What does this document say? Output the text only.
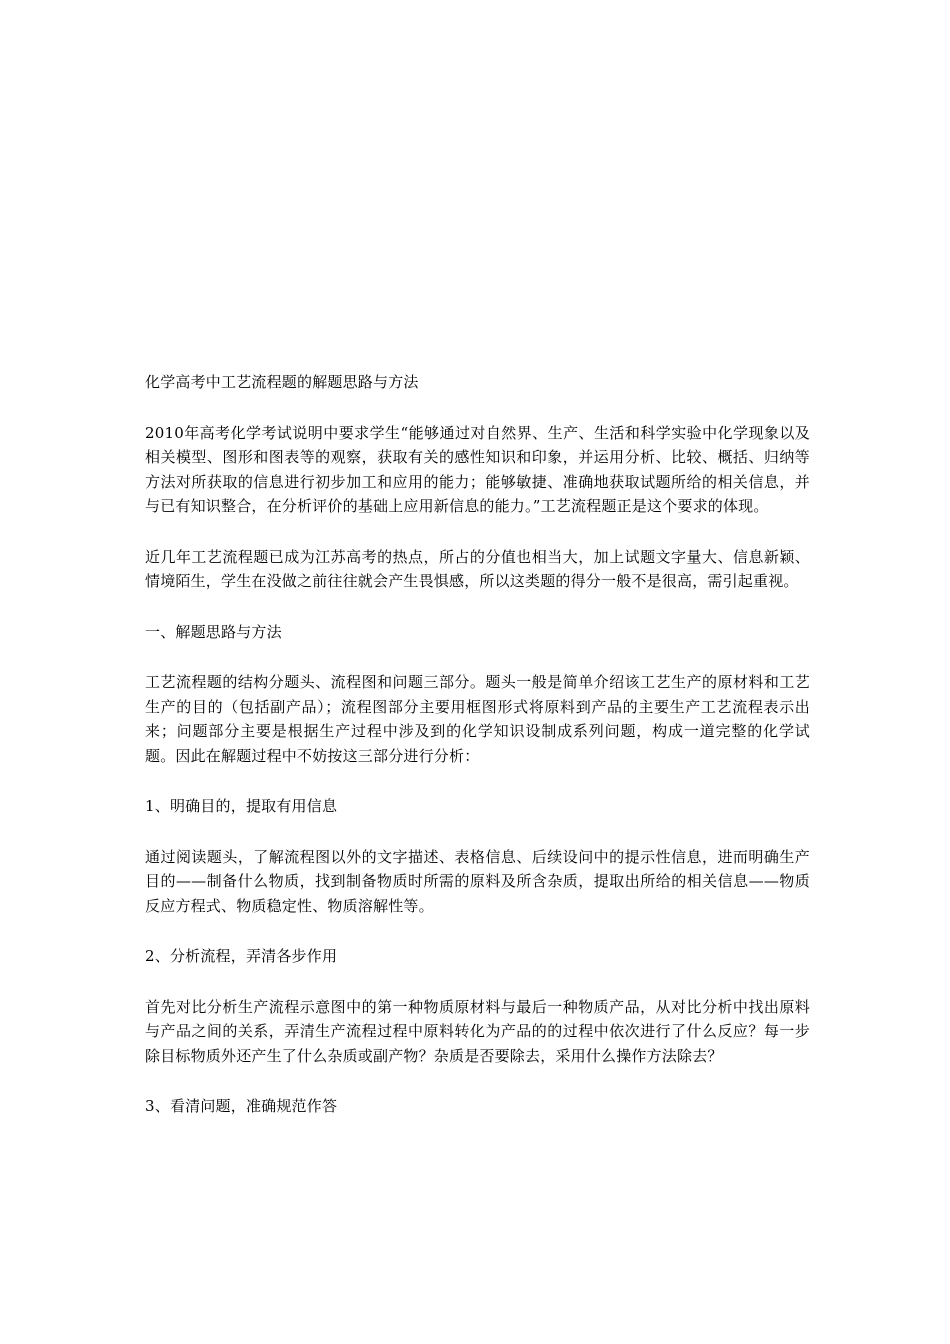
化学高考中工艺流程题的解题思路与方法

2010年高考化学考试说明中要求学生“能够通过对自然界、生产、生活和科学实验中化学现象以及相关模型、图形和图表等的观察，获取有关的感性知识和印象，并运用分析、比较、概括、归纳等方法对所获取的信息进行初步加工和应用的能力；能够敏捷、准确地获取试题所给的相关信息，并与已有知识整合，在分析评价的基础上应用新信息的能力。”工艺流程题正是这个要求的体现。

近几年工艺流程题已成为江苏高考的热点，所占的分值也相当大，加上试题文字量大、信息新颖、情境陌生，学生在没做之前往往就会产生畏惧感，所以这类题的得分一般不是很高，需引起重视。

一、解题思路与方法

工艺流程题的结构分题头、流程图和问题三部分。题头一般是简单介绍该工艺生产的原材料和工艺生产的目的（包括副产品）；流程图部分主要用框图形式将原料到产品的主要生产工艺流程表示出来；问题部分主要是根据生产过程中涉及到的化学知识设制成系列问题，构成一道完整的化学试题。因此在解题过程中不妨按这三部分进行分析：

1、明确目的，提取有用信息

通过阅读题头，了解流程图以外的文字描述、表格信息、后续设问中的提示性信息，进而明确生产目的——制备什么物质，找到制备物质时所需的原料及所含杂质，提取出所给的相关信息——物质反应方程式、物质稳定性、物质溶解性等。

2、分析流程，弄清各步作用

首先对比分析生产流程示意图中的第一种物质原材料与最后一种物质产品，从对比分析中找出原料与产品之间的关系，弄清生产流程过程中原料转化为产品的的过程中依次进行了什么反应？每一步除目标物质外还产生了什么杂质或副产物？杂质是否要除去，采用什么操作方法除去？

3、看清问题，准确规范作答
